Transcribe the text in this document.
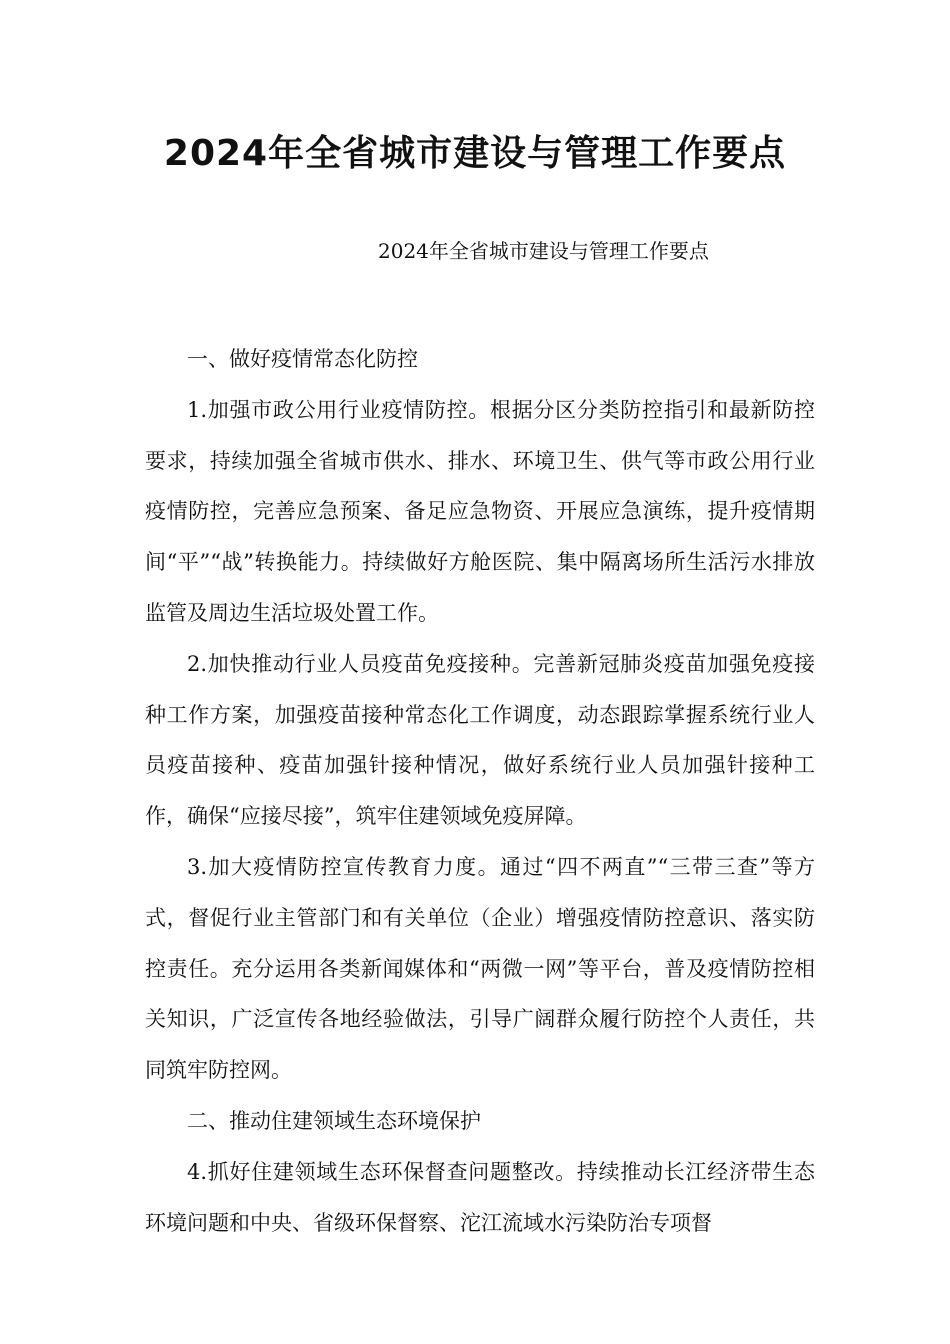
2024年全省城市建设与管理工作要点
2024年全省城市建设与管理工作要点

一、做好疫情常态化防控

1.加强市政公用行业疫情防控。根据分区分类防控指引和最新防控要求，持续加强全省城市供水、排水、环境卫生、供气等市政公用行业疫情防控，完善应急预案、备足应急物资、开展应急演练，提升疫情期间“平”“战”转换能力。持续做好方舱医院、集中隔离场所生活污水排放监管及周边生活垃圾处置工作。

2.加快推动行业人员疫苗免疫接种。完善新冠肺炎疫苗加强免疫接种工作方案，加强疫苗接种常态化工作调度，动态跟踪掌握系统行业人员疫苗接种、疫苗加强针接种情况，做好系统行业人员加强针接种工作，确保“应接尽接”，筑牢住建领域免疫屏障。

3.加大疫情防控宣传教育力度。通过“四不两直”“三带三查”等方式，督促行业主管部门和有关单位（企业）增强疫情防控意识、落实防控责任。充分运用各类新闻媒体和“两微一网”等平台，普及疫情防控相关知识，广泛宣传各地经验做法，引导广阔群众履行防控个人责任，共同筑牢防控网。

二、推动住建领域生态环境保护

4.抓好住建领域生态环保督查问题整改。持续推动长江经济带生态环境问题和中央、省级环保督察、沱江流域水污染防治专项督
